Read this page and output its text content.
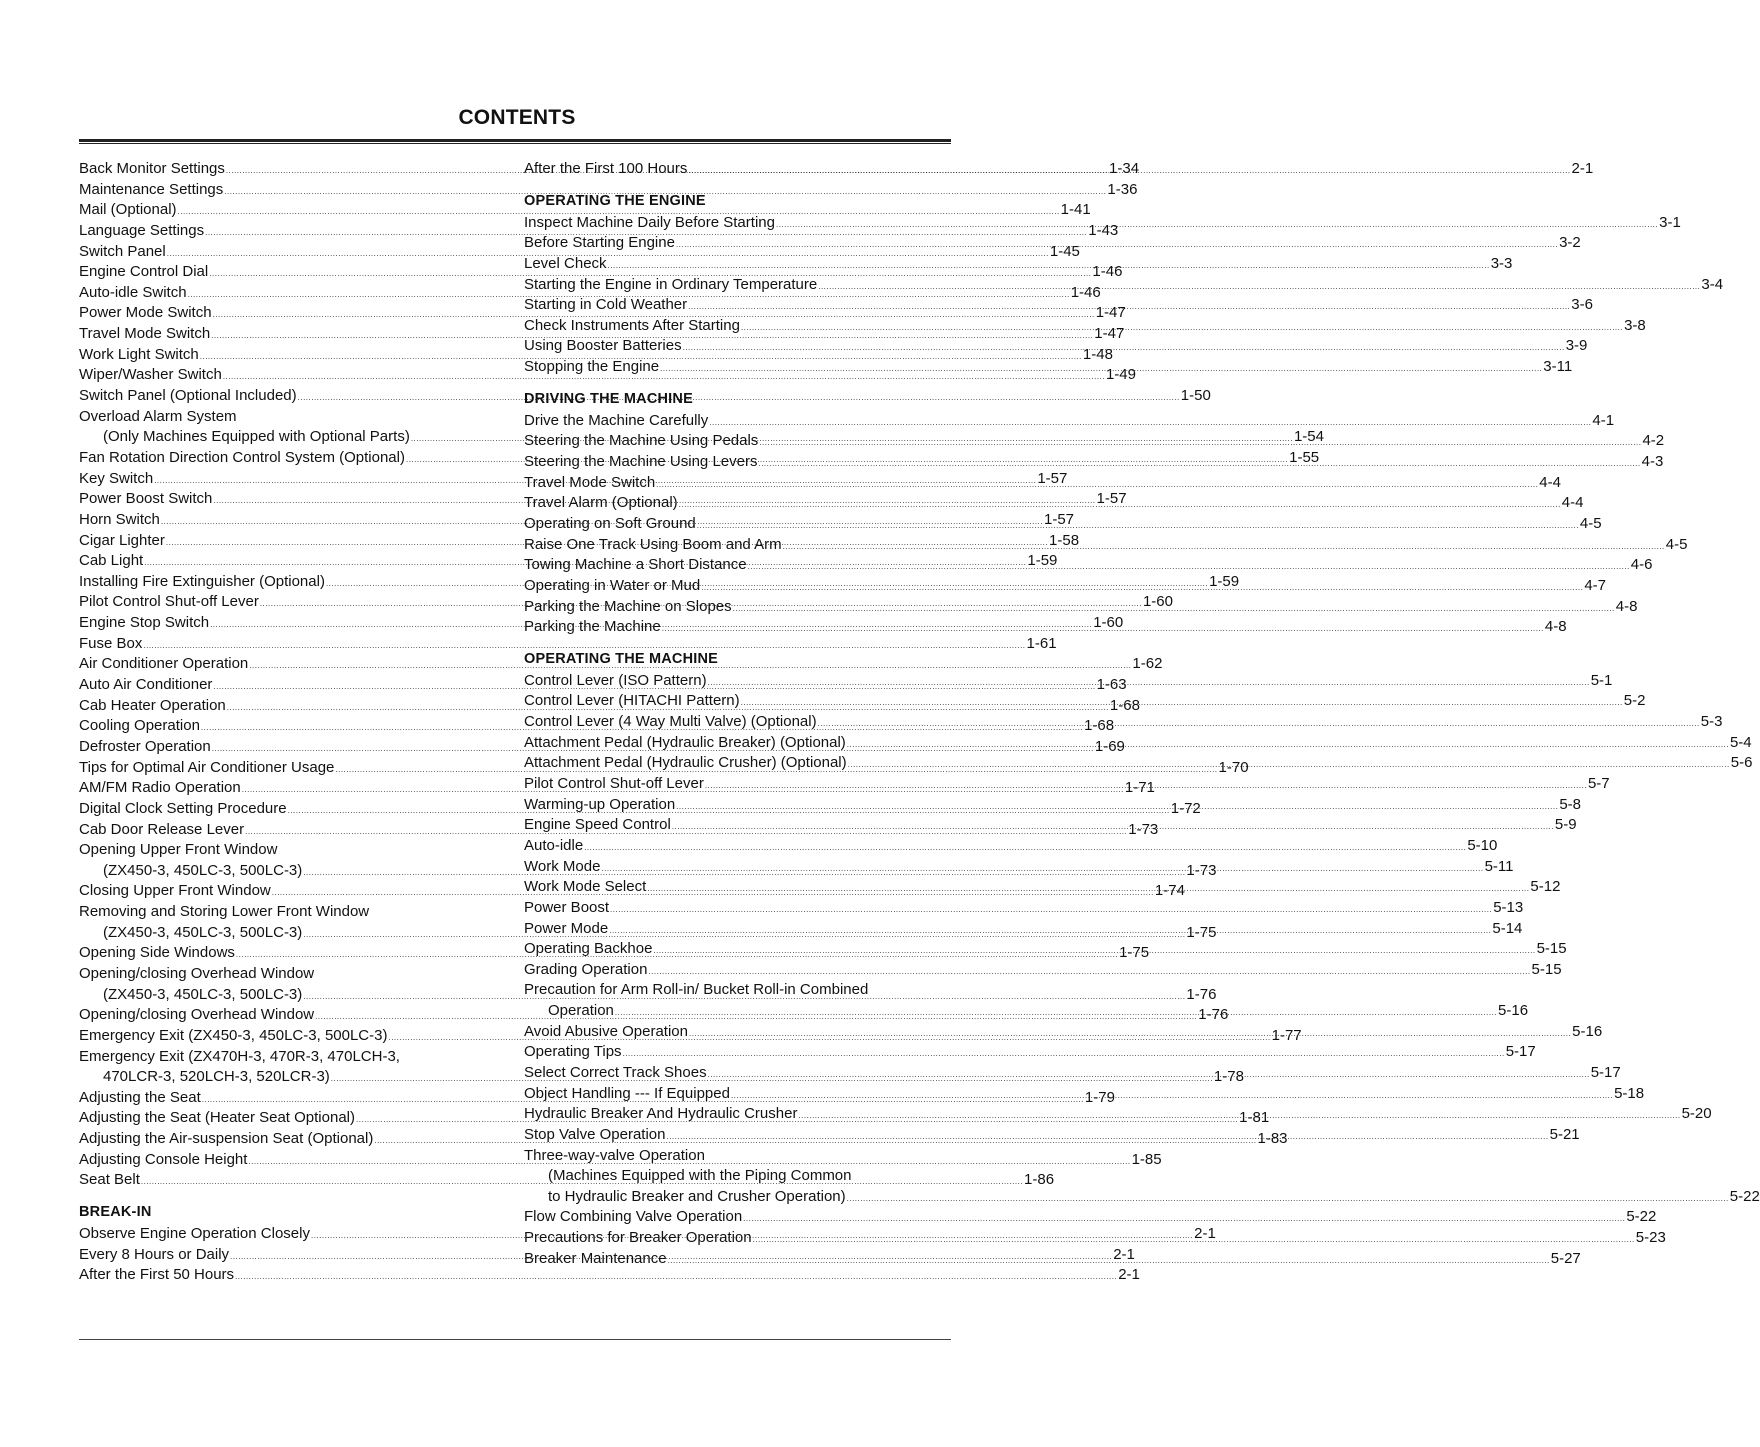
CONTENTS
Back Monitor Settings .....	1-34
Maintenance Settings .....	1-36
Mail (Optional) .....	1-41
Language Settings .....	1-43
Switch Panel .....	1-45
Engine Control Dial .....	1-46
Auto-idle Switch .....	1-46
Power Mode Switch .....	1-47
Travel Mode Switch .....	1-47
Work Light Switch .....	1-48
Wiper/Washer Switch .....	1-49
Switch Panel (Optional Included) .....	1-50
Overload Alarm System
(Only Machines Equipped with Optional Parts) .....	1-54
Fan Rotation Direction Control System (Optional) .....	1-55
Key Switch .....	1-57
Power Boost Switch .....	1-57
Horn Switch .....	1-57
Cigar Lighter .....	1-58
Cab Light .....	1-59
Installing Fire Extinguisher (Optional) .....	1-59
Pilot Control Shut-off Lever .....	1-60
Engine Stop Switch .....	1-60
Fuse Box .....	1-61
Air Conditioner Operation .....	1-62
Auto Air Conditioner .....	1-63
Cab Heater Operation .....	1-68
Cooling Operation .....	1-68
Defroster Operation .....	1-69
Tips for Optimal Air Conditioner Usage .....	1-70
AM/FM Radio Operation .....	1-71
Digital Clock Setting Procedure .....	1-72
Cab Door Release Lever .....	1-73
Opening Upper Front Window
(ZX450-3, 450LC-3, 500LC-3) .....	1-73
Closing Upper Front Window .....	1-74
Removing and Storing Lower Front Window
(ZX450-3, 450LC-3, 500LC-3) .....	1-75
Opening Side Windows .....	1-75
Opening/closing Overhead Window
(ZX450-3, 450LC-3, 500LC-3) .....	1-76
Opening/closing Overhead Window .....	1-76
Emergency Exit (ZX450-3, 450LC-3, 500LC-3) .....	1-77
Emergency Exit (ZX470H-3, 470R-3, 470LCH-3,
470LCR-3, 520LCH-3, 520LCR-3) .....	1-78
Adjusting the Seat .....	1-79
Adjusting the Seat (Heater Seat Optional) .....	1-81
Adjusting the Air-suspension Seat (Optional) .....	1-83
Adjusting Console Height .....	1-85
Seat Belt .....	1-86
BREAK-IN
Observe Engine Operation Closely .....	2-1
Every 8 Hours or Daily .....	2-1
After the First 50 Hours .....	2-1
After the First 100 Hours .....	2-1
OPERATING THE ENGINE
Inspect Machine Daily Before Starting .....	3-1
Before Starting Engine .....	3-2
Level Check .....	3-3
Starting the Engine in Ordinary Temperature .....	3-4
Starting in Cold Weather .....	3-6
Check Instruments After Starting .....	3-8
Using Booster Batteries .....	3-9
Stopping the Engine .....	3-11
DRIVING THE MACHINE
Drive the Machine Carefully .....	4-1
Steering the Machine Using Pedals .....	4-2
Steering the Machine Using Levers .....	4-3
Travel Mode Switch .....	4-4
Travel Alarm (Optional) .....	4-4
Operating on Soft Ground .....	4-5
Raise One Track Using Boom and Arm .....	4-5
Towing Machine a Short Distance .....	4-6
Operating in Water or Mud .....	4-7
Parking the Machine on Slopes .....	4-8
Parking the Machine .....	4-8
OPERATING THE MACHINE
Control Lever (ISO Pattern) .....	5-1
Control Lever (HITACHI Pattern) .....	5-2
Control Lever (4 Way Multi Valve) (Optional) .....	5-3
Attachment Pedal (Hydraulic Breaker) (Optional) .....	5-4
Attachment Pedal (Hydraulic Crusher) (Optional) .....	5-6
Pilot Control Shut-off Lever .....	5-7
Warming-up Operation .....	5-8
Engine Speed Control .....	5-9
Auto-idle .....	5-10
Work Mode .....	5-11
Work Mode Select .....	5-12
Power Boost .....	5-13
Power Mode .....	5-14
Operating Backhoe .....	5-15
Grading Operation .....	5-15
Precaution for Arm Roll-in/ Bucket Roll-in Combined
Operation .....	5-16
Avoid Abusive Operation .....	5-16
Operating Tips .....	5-17
Select Correct Track Shoes .....	5-17
Object Handling --- If Equipped .....	5-18
Hydraulic Breaker And Hydraulic Crusher .....	5-20
Stop Valve Operation .....	5-21
Three-way-valve Operation
(Machines Equipped with the Piping Common
to Hydraulic Breaker and Crusher Operation) .....	5-22
Flow Combining Valve Operation .....	5-22
Precautions for Breaker Operation .....	5-23
Breaker Maintenance .....	5-27
